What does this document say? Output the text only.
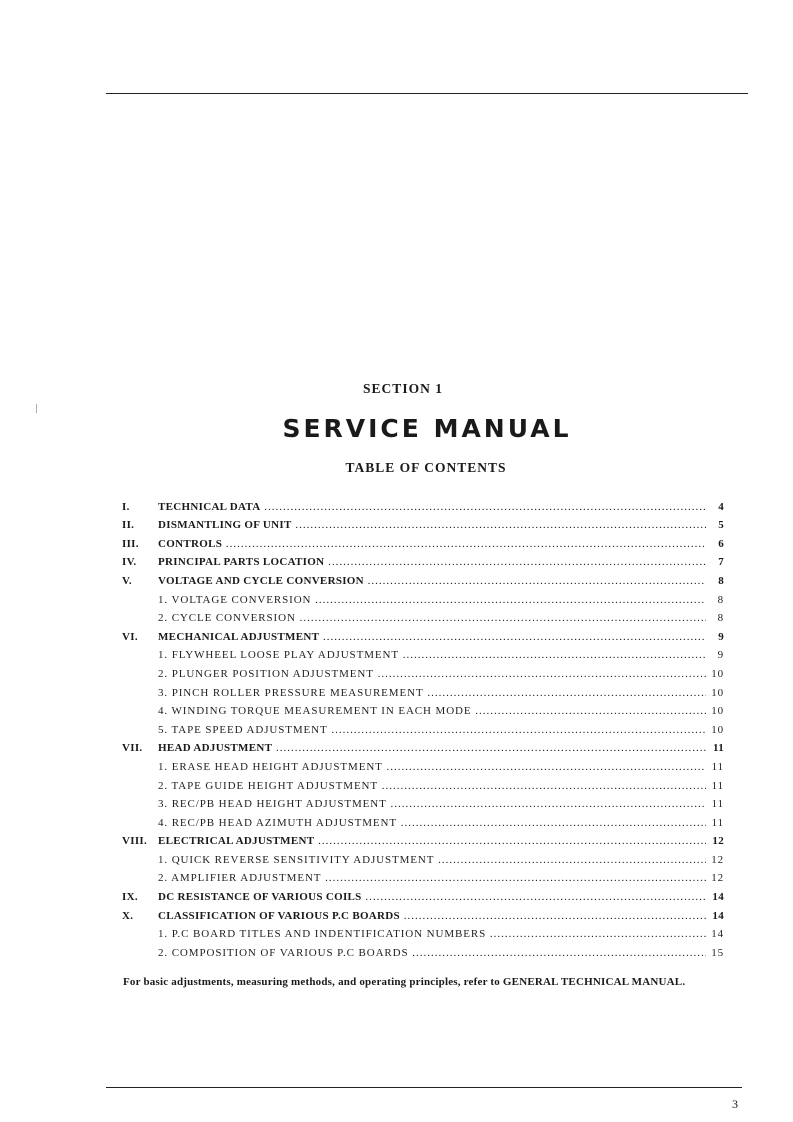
SECTION 1
SERVICE MANUAL
TABLE OF CONTENTS
I.	TECHNICAL DATA .....	4
II.	DISMANTLING OF UNIT .....	5
III.	CONTROLS .....	6
IV.	PRINCIPAL PARTS LOCATION .....	7
V.	VOLTAGE AND CYCLE CONVERSION .....	8
1. VOLTAGE CONVERSION .....	8
2. CYCLE CONVERSION .....	8
VI.	MECHANICAL ADJUSTMENT .....	9
1. FLYWHEEL LOOSE PLAY ADJUSTMENT .....	9
2. PLUNGER POSITION ADJUSTMENT .....	10
3. PINCH ROLLER PRESSURE MEASUREMENT .....	10
4. WINDING TORQUE MEASUREMENT IN EACH MODE .....	10
5. TAPE SPEED ADJUSTMENT .....	10
VII.	HEAD ADJUSTMENT .....	11
1. ERASE HEAD HEIGHT ADJUSTMENT .....	11
2. TAPE GUIDE HEIGHT ADJUSTMENT .....	11
3. REC/PB HEAD HEIGHT ADJUSTMENT .....	11
4. REC/PB HEAD AZIMUTH ADJUSTMENT .....	11
VIII. ELECTRICAL ADJUSTMENT .....	12
1. QUICK REVERSE SENSITIVITY ADJUSTMENT .....	12
2. AMPLIFIER ADJUSTMENT .....	12
IX.	DC RESISTANCE OF VARIOUS COILS .....	14
X.	CLASSIFICATION OF VARIOUS P.C BOARDS .....	14
1. P.C BOARD TITLES AND INDENTIFICATION NUMBERS .....	14
2. COMPOSITION OF VARIOUS P.C BOARDS .....	15
For basic adjustments, measuring methods, and operating principles, refer to GENERAL TECHNICAL MANUAL.
3
